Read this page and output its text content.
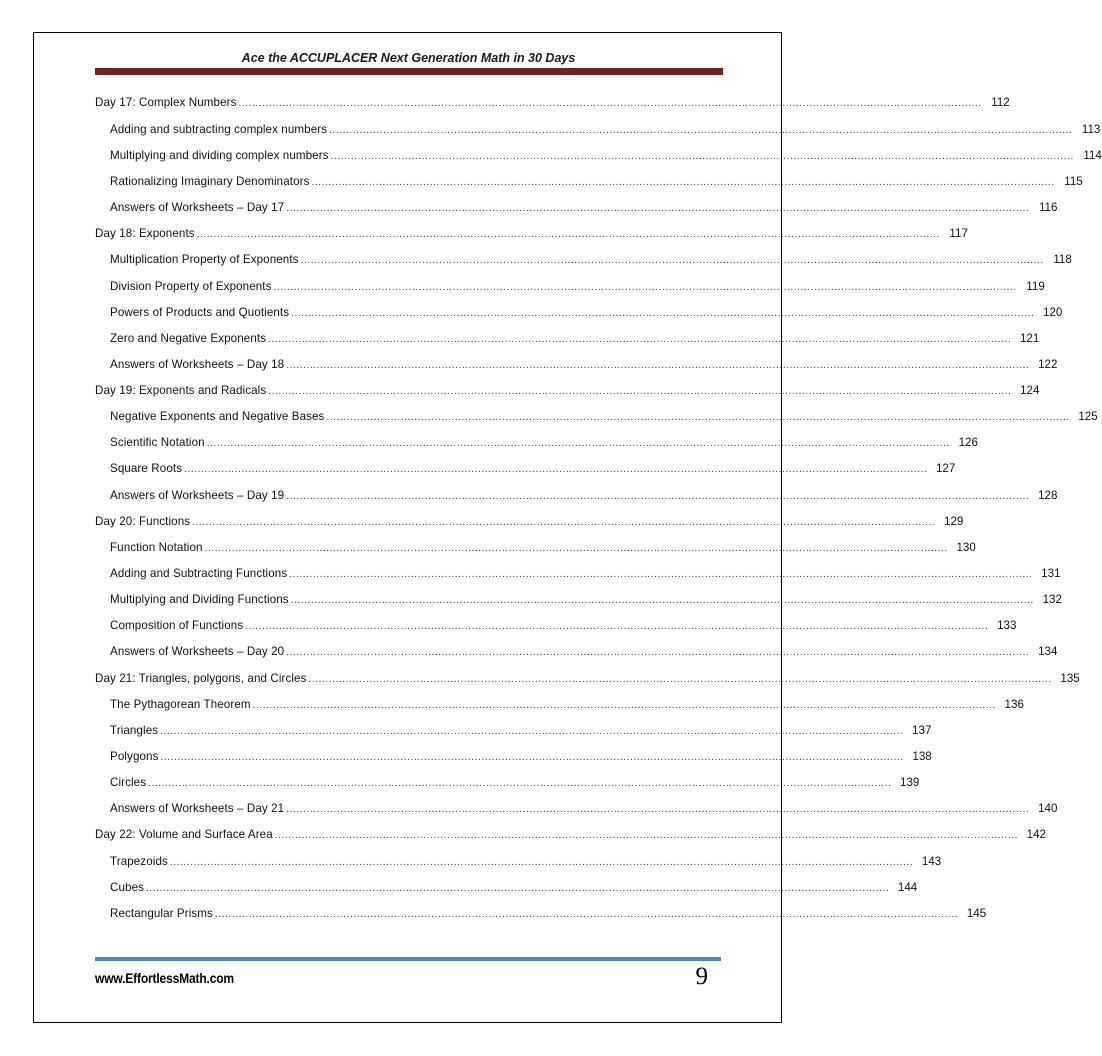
Ace the ACCUPLACER Next Generation Math in 30 Days
Day 17: Complex Numbers ............................................................................................................................................................................................................................ 112
Adding and subtracting complex numbers ............................................................................................................................................................................................................................ 113
Multiplying and dividing complex numbers ............................................................................................................................................................................................................................ 114
Rationalizing Imaginary Denominators ............................................................................................................................................................................................................................ 115
Answers of Worksheets – Day 17 ............................................................................................................................................................................................................................ 116
Day 18: Exponents ............................................................................................................................................................................................................................ 117
Multiplication Property of Exponents ............................................................................................................................................................................................................................ 118
Division Property of Exponents ............................................................................................................................................................................................................................ 119
Powers of Products and Quotients ............................................................................................................................................................................................................................ 120
Zero and Negative Exponents ............................................................................................................................................................................................................................ 121
Answers of Worksheets – Day 18 ............................................................................................................................................................................................................................ 122
Day 19: Exponents and Radicals ............................................................................................................................................................................................................................ 124
Negative Exponents and Negative Bases ............................................................................................................................................................................................................................ 125
Scientific Notation ............................................................................................................................................................................................................................ 126
Square Roots ............................................................................................................................................................................................................................ 127
Answers of Worksheets – Day 19 ............................................................................................................................................................................................................................ 128
Day 20: Functions ............................................................................................................................................................................................................................ 129
Function Notation ............................................................................................................................................................................................................................ 130
Adding and Subtracting Functions ............................................................................................................................................................................................................................ 131
Multiplying and Dividing Functions ............................................................................................................................................................................................................................ 132
Composition of Functions ............................................................................................................................................................................................................................ 133
Answers of Worksheets – Day 20 ............................................................................................................................................................................................................................ 134
Day 21: Triangles, polygons, and Circles ............................................................................................................................................................................................................................ 135
The Pythagorean Theorem ............................................................................................................................................................................................................................ 136
Triangles ............................................................................................................................................................................................................................ 137
Polygons ............................................................................................................................................................................................................................ 138
Circles ............................................................................................................................................................................................................................ 139
Answers of Worksheets – Day 21 ............................................................................................................................................................................................................................ 140
Day 22: Volume and Surface Area ............................................................................................................................................................................................................................ 142
Trapezoids ............................................................................................................................................................................................................................ 143
Cubes ............................................................................................................................................................................................................................ 144
Rectangular Prisms ............................................................................................................................................................................................................................ 145
www.EffortlessMath.com	9
